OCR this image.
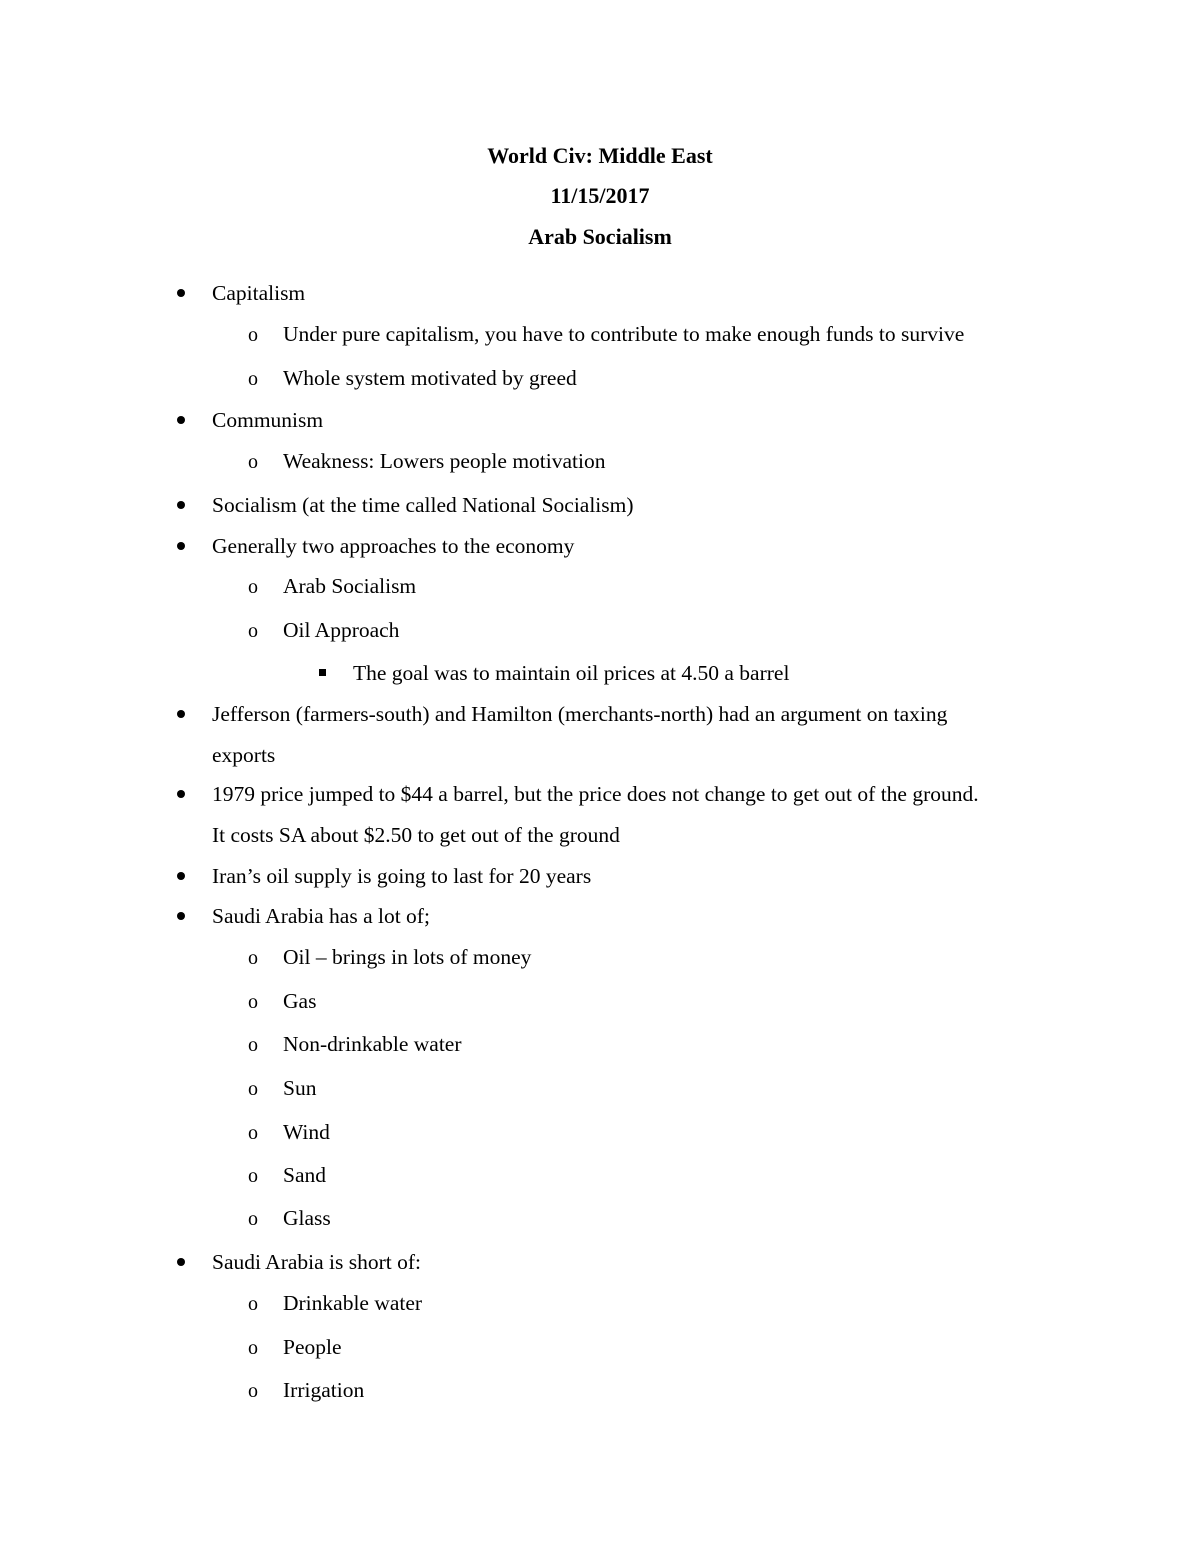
World Civ: Middle East
11/15/2017
Arab Socialism
Capitalism
o Under pure capitalism, you have to contribute to make enough funds to survive
o Whole system motivated by greed
Communism
o Weakness: Lowers people motivation
Socialism (at the time called National Socialism)
Generally two approaches to the economy
o Arab Socialism
o Oil Approach
The goal was to maintain oil prices at 4.50 a barrel
Jefferson (farmers-south) and Hamilton (merchants-north) had an argument on taxing
exports
1979 price jumped to $44 a barrel, but the price does not change to get out of the ground.
It costs SA about $2.50 to get out of the ground
Iran’s oil supply is going to last for 20 years
Saudi Arabia has a lot of;
o Oil – brings in lots of money
o Gas
o Non-drinkable water
o Sun
o Wind
o Sand
o Glass
Saudi Arabia is short of:
o Drinkable water
o People
o Irrigation
